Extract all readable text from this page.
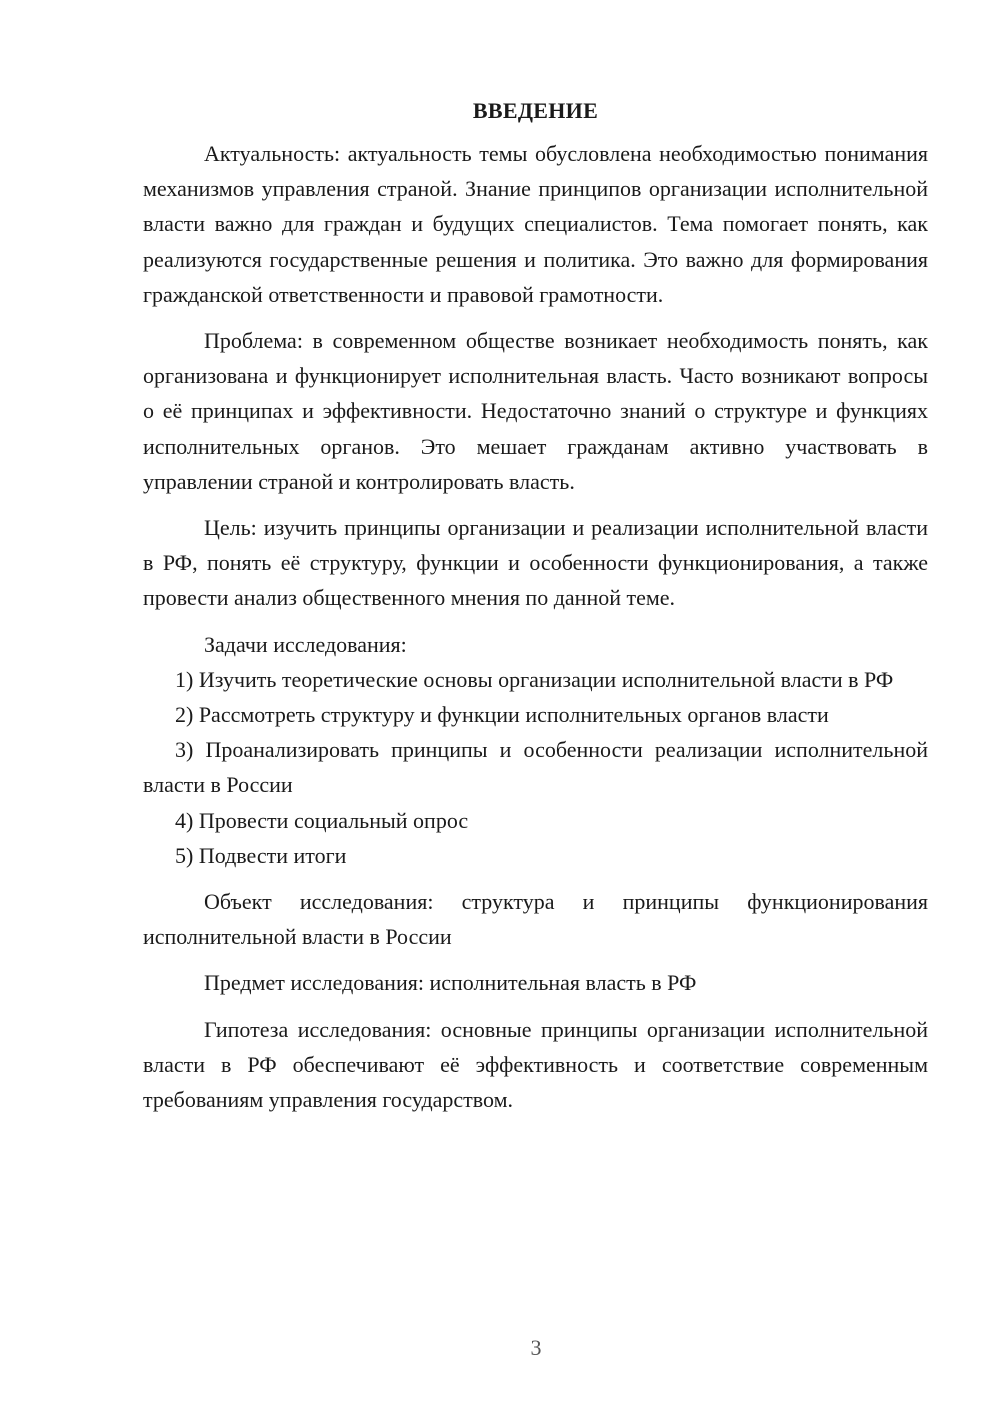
ВВЕДЕНИЕ

Актуальность: актуальность темы обусловлена необходимостью понимания механизмов управления страной. Знание принципов организации исполнительной власти важно для граждан и будущих специалистов. Тема помогает понять, как реализуются государственные решения и политика. Это важно для формирования гражданской ответственности и правовой грамотности.

Проблема: в современном обществе возникает необходимость понять, как организована и функционирует исполнительная власть. Часто возникают вопросы о её принципах и эффективности. Недостаточно знаний о структуре и функциях исполнительных органов. Это мешает гражданам активно участвовать в управлении страной и контролировать власть.

Цель: изучить принципы организации и реализации исполнительной власти в РФ, понять её структуру, функции и особенности функционирования, а также провести анализ общественного мнения по данной теме.

Задачи исследования:

1) Изучить теоретические основы организации исполнительной власти в РФ

2) Рассмотреть структуру и функции исполнительных органов власти

3) Проанализировать принципы и особенности реализации исполнительной власти в России

4) Провести социальный опрос

5) Подвести итоги

Объект исследования: структура и принципы функционирования исполнительной власти в России

Предмет исследования: исполнительная власть в РФ

Гипотеза исследования: основные принципы организации исполнительной власти в РФ обеспечивают её эффективность и соответствие современным требованиям управления государством.

3
